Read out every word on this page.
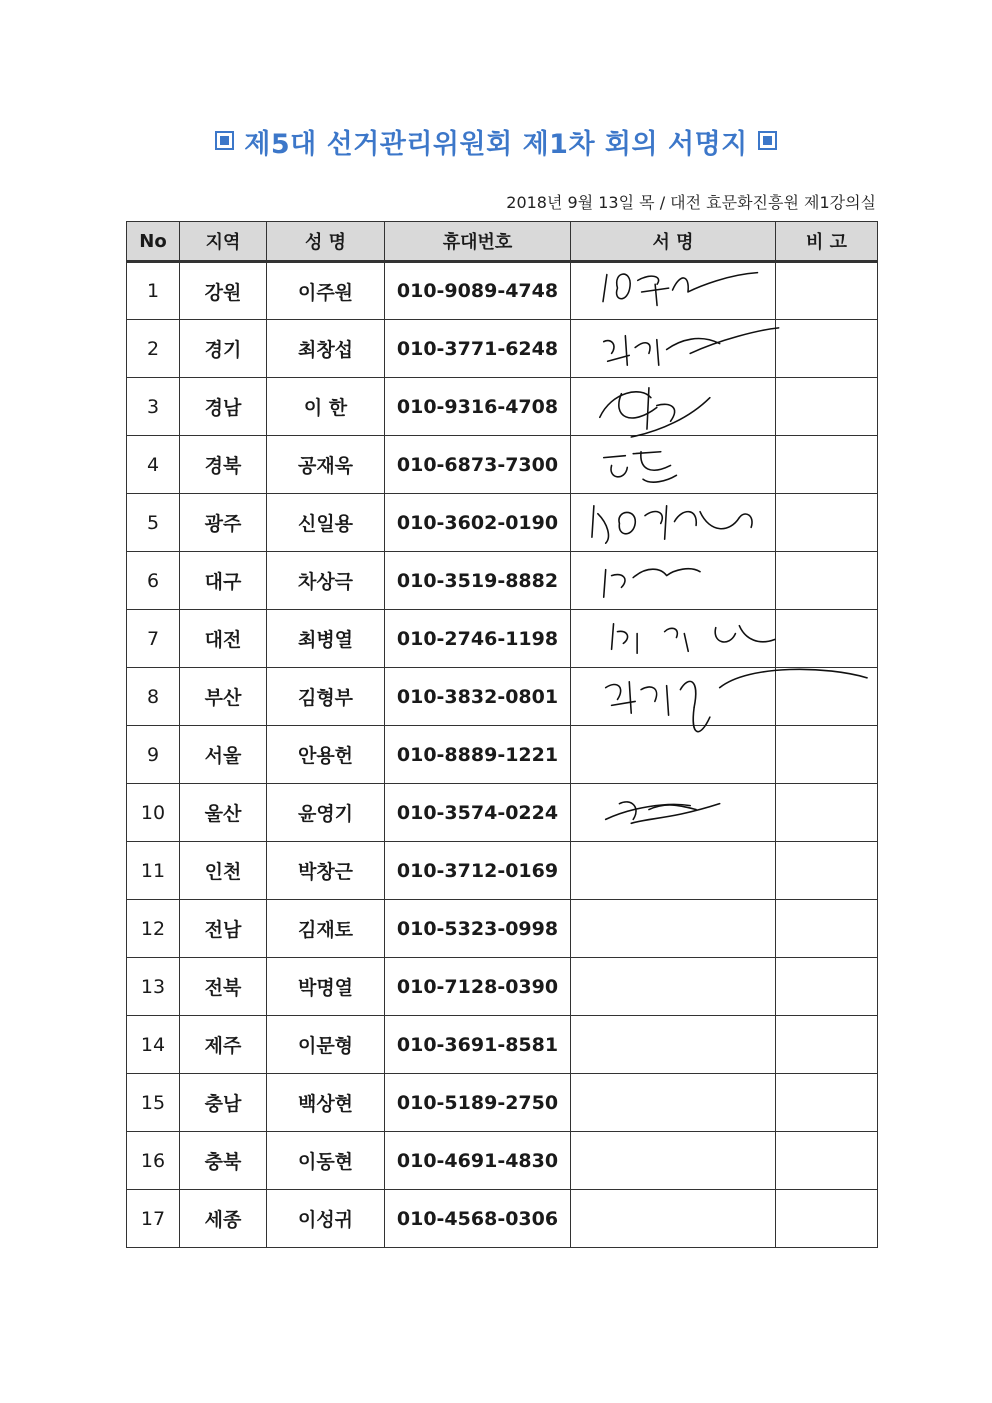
제5대 선거관리위원회 제1차 회의 서명지
2018년 9월 13일 목 / 대전 효문화진흥원 제1강의실
No	지역	성 명	휴대번호	서 명	비 고
1	강원	이주원	010-9089-4748	

2	경기	최창섭	010-3771-6248	

3	경남	이 한	010-9316-4708	

4	경북	공재욱	010-6873-7300	

5	광주	신일용	010-3602-0190	

6	대구	차상극	010-3519-8882	

7	대전	최병열	010-2746-1198	

8	부산	김형부	010-3832-0801	

9	서울	안용헌	010-8889-1221		
10	울산	윤영기	010-3574-0224	

11	인천	박창근	010-3712-0169		
12	전남	김재토	010-5323-0998		
13	전북	박명열	010-7128-0390		
14	제주	이문형	010-3691-8581		
15	충남	백상현	010-5189-2750		
16	충북	이동현	010-4691-4830		
17	세종	이성귀	010-4568-0306		
